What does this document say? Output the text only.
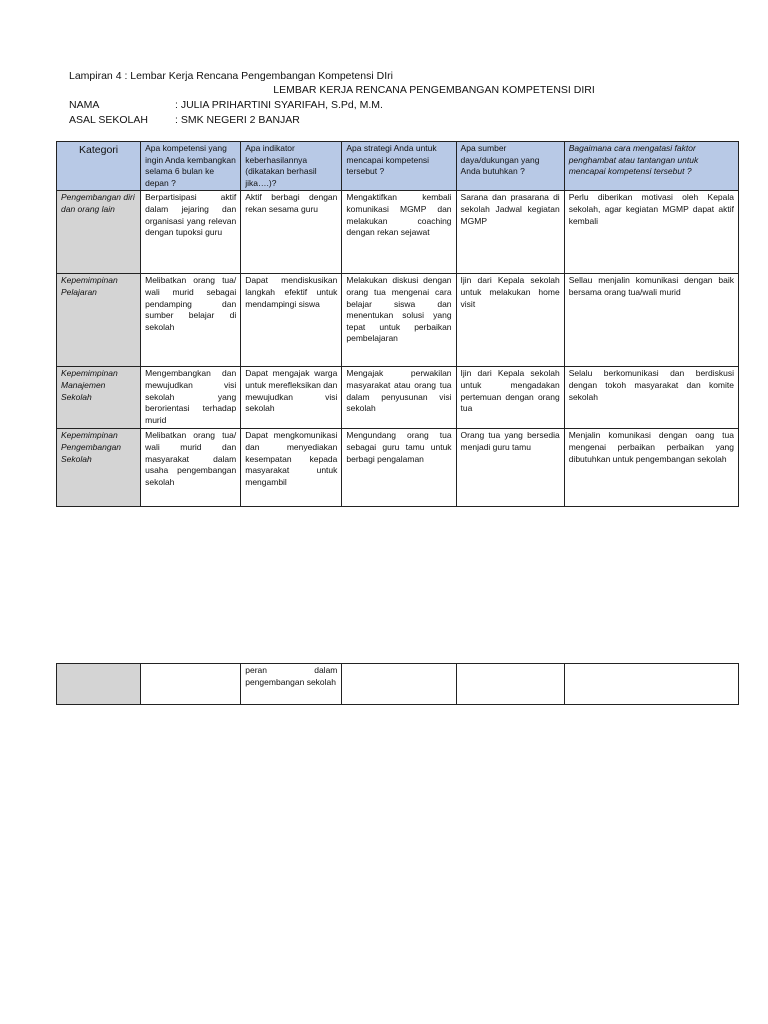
Lampiran 4 : Lembar Kerja Rencana Pengembangan Kompetensi DIri
LEMBAR KERJA RENCANA PENGEMBANGAN KOMPETENSI DIRI
NAMA	: JULIA PRIHARTINI SYARIFAH, S.Pd, M.M.
ASAL SEKOLAH	: SMK NEGERI 2 BANJAR
Kategori	Apa kompetensi yang ingin Anda kembangkan selama 6 bulan ke depan ?	Apa indikator keberhasilannya (dikatakan berhasil jika….)?	Apa strategi Anda untuk mencapai kompetensi tersebut ?	Apa sumber daya/dukungan yang Anda butuhkan ?	Bagaimana cara mengatasi faktor penghambat atau tantangan untuk mencapai kompetensi tersebut ?
Pengembangan diri dan orang lain	Berpartisipasi aktif dalam jejaring dan organisasi yang relevan dengan tupoksi guru	Aktif berbagi dengan rekan sesama guru	Mengaktifkan kembali komunikasi MGMP dan melakukan coaching dengan rekan sejawat	Sarana dan prasarana di sekolah Jadwal kegiatan MGMP	Perlu diberikan motivasi oleh Kepala sekolah, agar kegiatan MGMP dapat aktif kembali
Kepemimpinan Pelajaran	Melibatkan orang tua/ wali murid sebagai pendamping dan sumber belajar di sekolah	Dapat mendiskusikan langkah efektif untuk mendampingi siswa	Melakukan diskusi dengan orang tua mengenai cara belajar siswa dan menentukan solusi yang tepat untuk perbaikan pembelajaran	Ijin dari Kepala sekolah untuk melakukan home visit	Sellau menjalin komunikasi dengan baik bersama orang tua/wali murid
Kepemimpinan Manajemen Sekolah	Mengembangkan dan mewujudkan visi sekolah yang berorientasi terhadap murid	Dapat mengajak warga untuk merefleksikan dan mewujudkan visi sekolah	Mengajak perwakilan masyarakat atau orang tua dalam penyusunan visi sekolah	Ijin dari Kepala sekolah untuk mengadakan pertemuan dengan orang tua	Selalu berkomunikasi dan berdiskusi dengan tokoh masyarakat dan komite sekolah
Kepemimpinan Pengembangan Sekolah	Melibatkan orang tua/ wali murid dan masyarakat dalam usaha pengembangan sekolah	Dapat mengkomunikasi dan menyediakan kesempatan kepada masyarakat untuk mengambil	Mengundang orang tua sebagai guru tamu untuk berbagi pengalaman	Orang tua yang bersedia menjadi guru tamu	Menjalin komunikasi dengan oang tua mengenai perbaikan perbaikan yang dibutuhkan untuk pengembangan sekolah
		peran dalam pengembangan sekolah			
